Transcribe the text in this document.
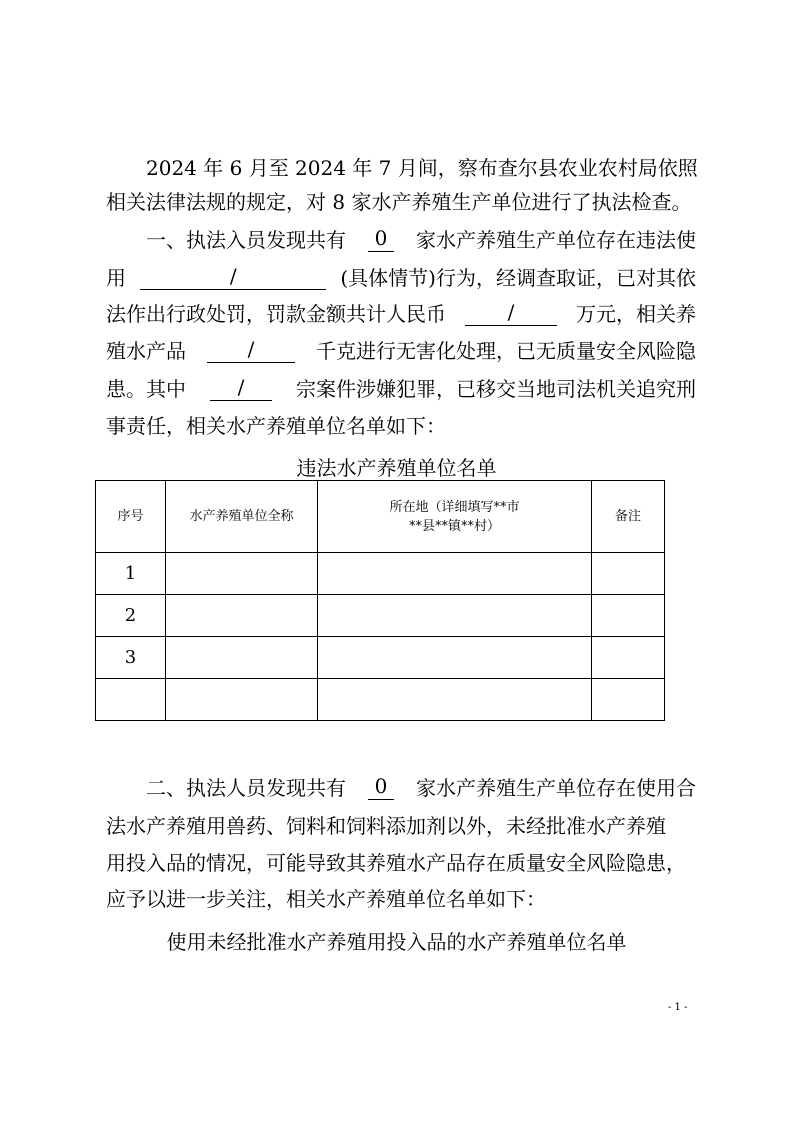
2024 年 6 月至 2024 年 7 月间，察布查尔县农业农村局依照
相关法律法规的规定，对 8 家水产养殖生产单位进行了执法检查。
一、执法入员发现共有	0	家水产养殖生产单位存在违法使
用	/	(具体情节)行为，经调查取证，已对其依
法作出行政处罚，罚款金额共计人民币	/	万元，相关养
殖水产品	/	千克进行无害化处理，已无质量安全风险隐
患。其中	/	宗案件涉嫌犯罪，已移交当地司法机关追究刑
事责任，相关水产养殖单位名单如下：
违法水产养殖单位名单
序号	水产养殖单位全称	所在地（详细填写**市
**县**镇**村）	备注
1			
2			
3			

二、执法人员发现共有	0	家水产养殖生产单位存在使用合
法水产养殖用兽药、饲料和饲料添加剂以外，未经批准水产养殖
用投入品的情况，可能导致其养殖水产品存在质量安全风险隐患，
应予以进一步关注，相关水产养殖单位名单如下：
使用未经批准水产养殖用投入品的水产养殖单位名单
- 1 -
